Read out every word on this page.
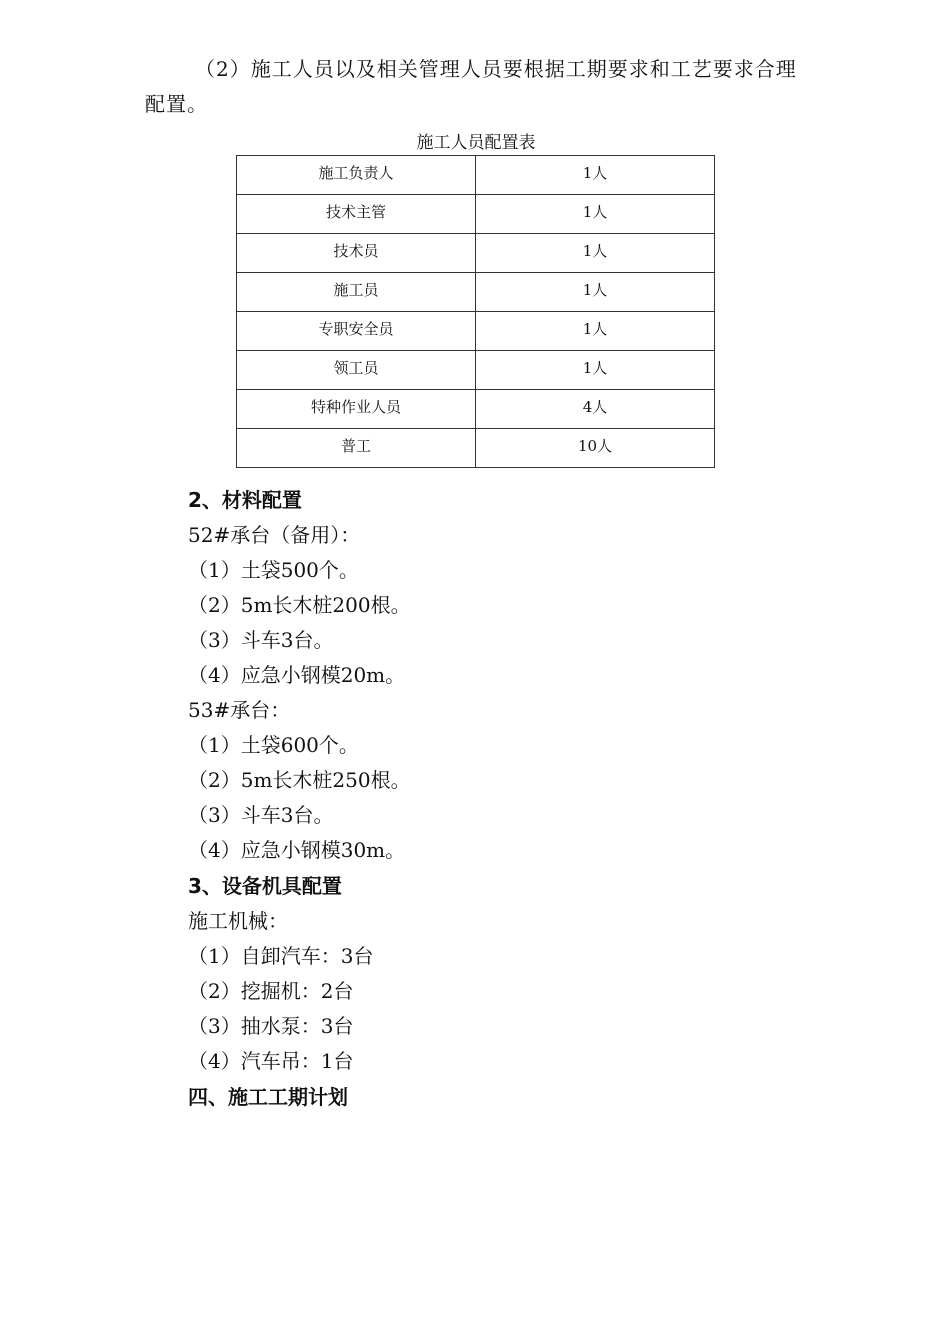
（2）施工人员以及相关管理人员要根据工期要求和工艺要求合理配置。

施工人员配置表
施工负责人	1人
技术主管	1人
技术员	1人
施工员	1人
专职安全员	1人
领工员	1人
特种作业人员	4人
普工	10人
2、材料配置
52#承台（备用）：
（1）土袋500个。
（2）5m长木桩200根。
（3）斗车3台。
（4）应急小钢模20m。
53#承台：
（1）土袋600个。
（2）5m长木桩250根。
（3）斗车3台。
（4）应急小钢模30m。
3、设备机具配置
施工机械：
（1）自卸汽车：3台
（2）挖掘机：2台
（3）抽水泵：3台
（4）汽车吊：1台
四、施工工期计划
